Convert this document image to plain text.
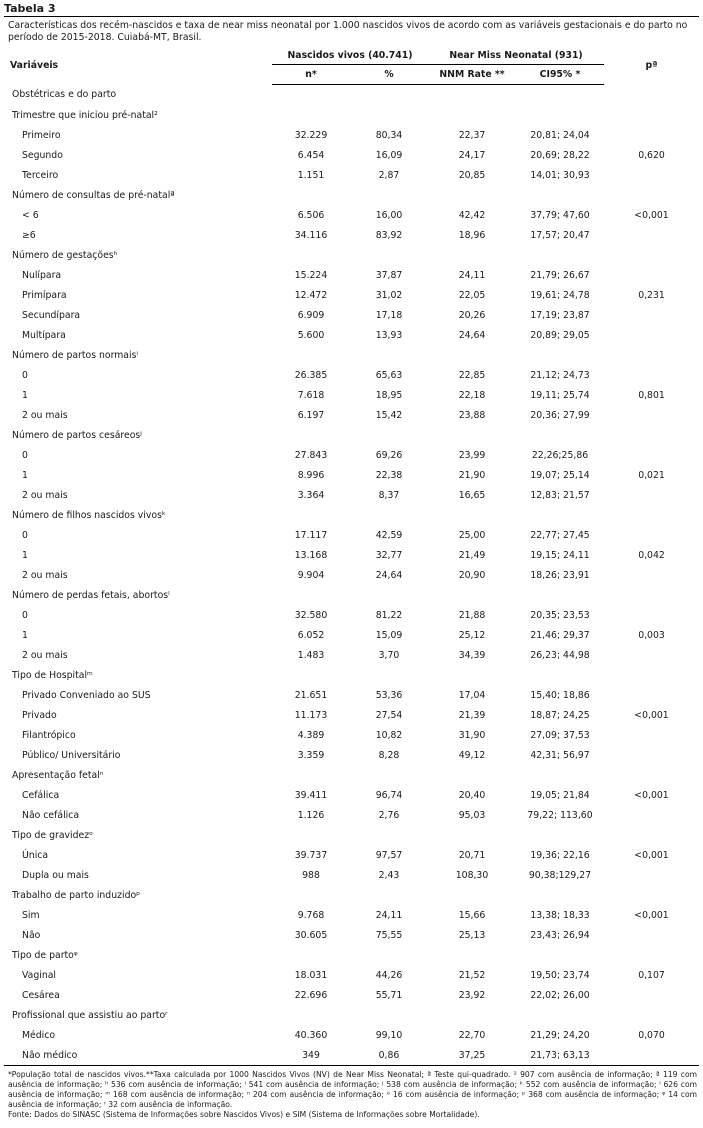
Tabela 3
Características dos recém-nascidos e taxa de near miss neonatal por 1.000 nascidos vivos de acordo com as variáveis gestacionais e do parto no período de 2015-2018. Cuiabá-MT, Brasil.
Variáveis	Nascidos vivos (40.741)		Near Miss Neonatal (931)		pª
	n*	%	NNM Rate **	CI95% *	
Obstétricas e do parto					
Trimestre que iniciou pré-natal²					
Primeiro	32.229	80,34	22,37	20,81; 24,04	
Segundo	6.454	16,09	24,17	20,69; 28,22	0,620
Terceiro	1.151	2,87	20,85	14,01; 30,93	
Número de consultas de pré-natalª					
< 6	6.506	16,00	42,42	37,79; 47,60	<0,001
≥6	34.116	83,92	18,96	17,57; 20,47	
Número de gestaçõesʰ					
Nulípara	15.224	37,87	24,11	21,79; 26,67	
Primípara	12.472	31,02	22,05	19,61; 24,78	0,231
Secundípara	6.909	17,18	20,26	17,19; 23,87	
Multípara	5.600	13,93	24,64	20,89; 29,05	
Número de partos normaisⁱ					
0	26.385	65,63	22,85	21,12; 24,73	
1	7.618	18,95	22,18	19,11; 25,74	0,801
2 ou mais	6.197	15,42	23,88	20,36; 27,99	
Número de partos cesáreosʲ					
0	27.843	69,26	23,99	22,26;25,86	
1	8.996	22,38	21,90	19,07; 25,14	0,021
2 ou mais	3.364	8,37	16,65	12,83; 21,57	
Número de filhos nascidos vivosᵏ					
0	17.117	42,59	25,00	22,77; 27,45	
1	13.168	32,77	21,49	19,15; 24,11	0,042
2 ou mais	9.904	24,64	20,90	18,26; 23,91	
Número de perdas fetais, abortosˡ					
0	32.580	81,22	21,88	20,35; 23,53	
1	6.052	15,09	25,12	21,46; 29,37	0,003
2 ou mais	1.483	3,70	34,39	26,23; 44,98	
Tipo de Hospitalᵐ					
Privado Conveniado ao SUS	21.651	53,36	17,04	15,40; 18,86	
Privado	11.173	27,54	21,39	18,87; 24,25	<0,001
Filantrópico	4.389	10,82	31,90	27,09; 37,53	
Público/ Universitário	3.359	8,28	49,12	42,31; 56,97	
Apresentação fetalⁿ					
Cefálica	39.411	96,74	20,40	19,05; 21,84	<0,001
Não cefálica	1.126	2,76	95,03	79,22; 113,60	
Tipo de gravidezᵒ					
Única	39.737	97,57	20,71	19,36; 22,16	<0,001
Dupla ou mais	988	2,43	108,30	90,38;129,27	
Trabalho de parto induzidoᵖ					
Sim	9.768	24,11	15,66	13,38; 18,33	<0,001
Não	30.605	75,55	25,13	23,43; 26,94	
Tipo de partoᵠ					
Vaginal	18.031	44,26	21,52	19,50; 23,74	0,107
Cesárea	22.696	55,71	23,92	22,02; 26,00	
Profissional que assistiu ao partoʳ					
Médico	40.360	99,10	22,70	21,29; 24,20	0,070
Não médico	349	0,86	37,25	21,73; 63,13	
*População total de nascidos vivos.**Taxa calculada por 1000 Nascidos Vivos (NV) de Near Miss Neonatal; ª Teste qui-quadrado. ² 907 com ausência de informação; ª 119 com ausência de informação; ʰ 536 com ausência de informação; ⁱ 541 com ausência de informação; ʲ 538 com ausência de informação; ᵏ 552 com ausência de informação; ˡ 626 com ausência de informação; ᵐ 168 com ausência de informação; ⁿ 204 com ausência de informação; ᵒ 16 com ausência de informação; ᵖ 368 com ausência de informação; ᵠ 14 com ausência de informação; ʳ 32 com ausência de informação.
Fonte: Dados do SINASC (Sistema de Informações sobre Nascidos Vivos) e SIM (Sistema de Informações sobre Mortalidade).
